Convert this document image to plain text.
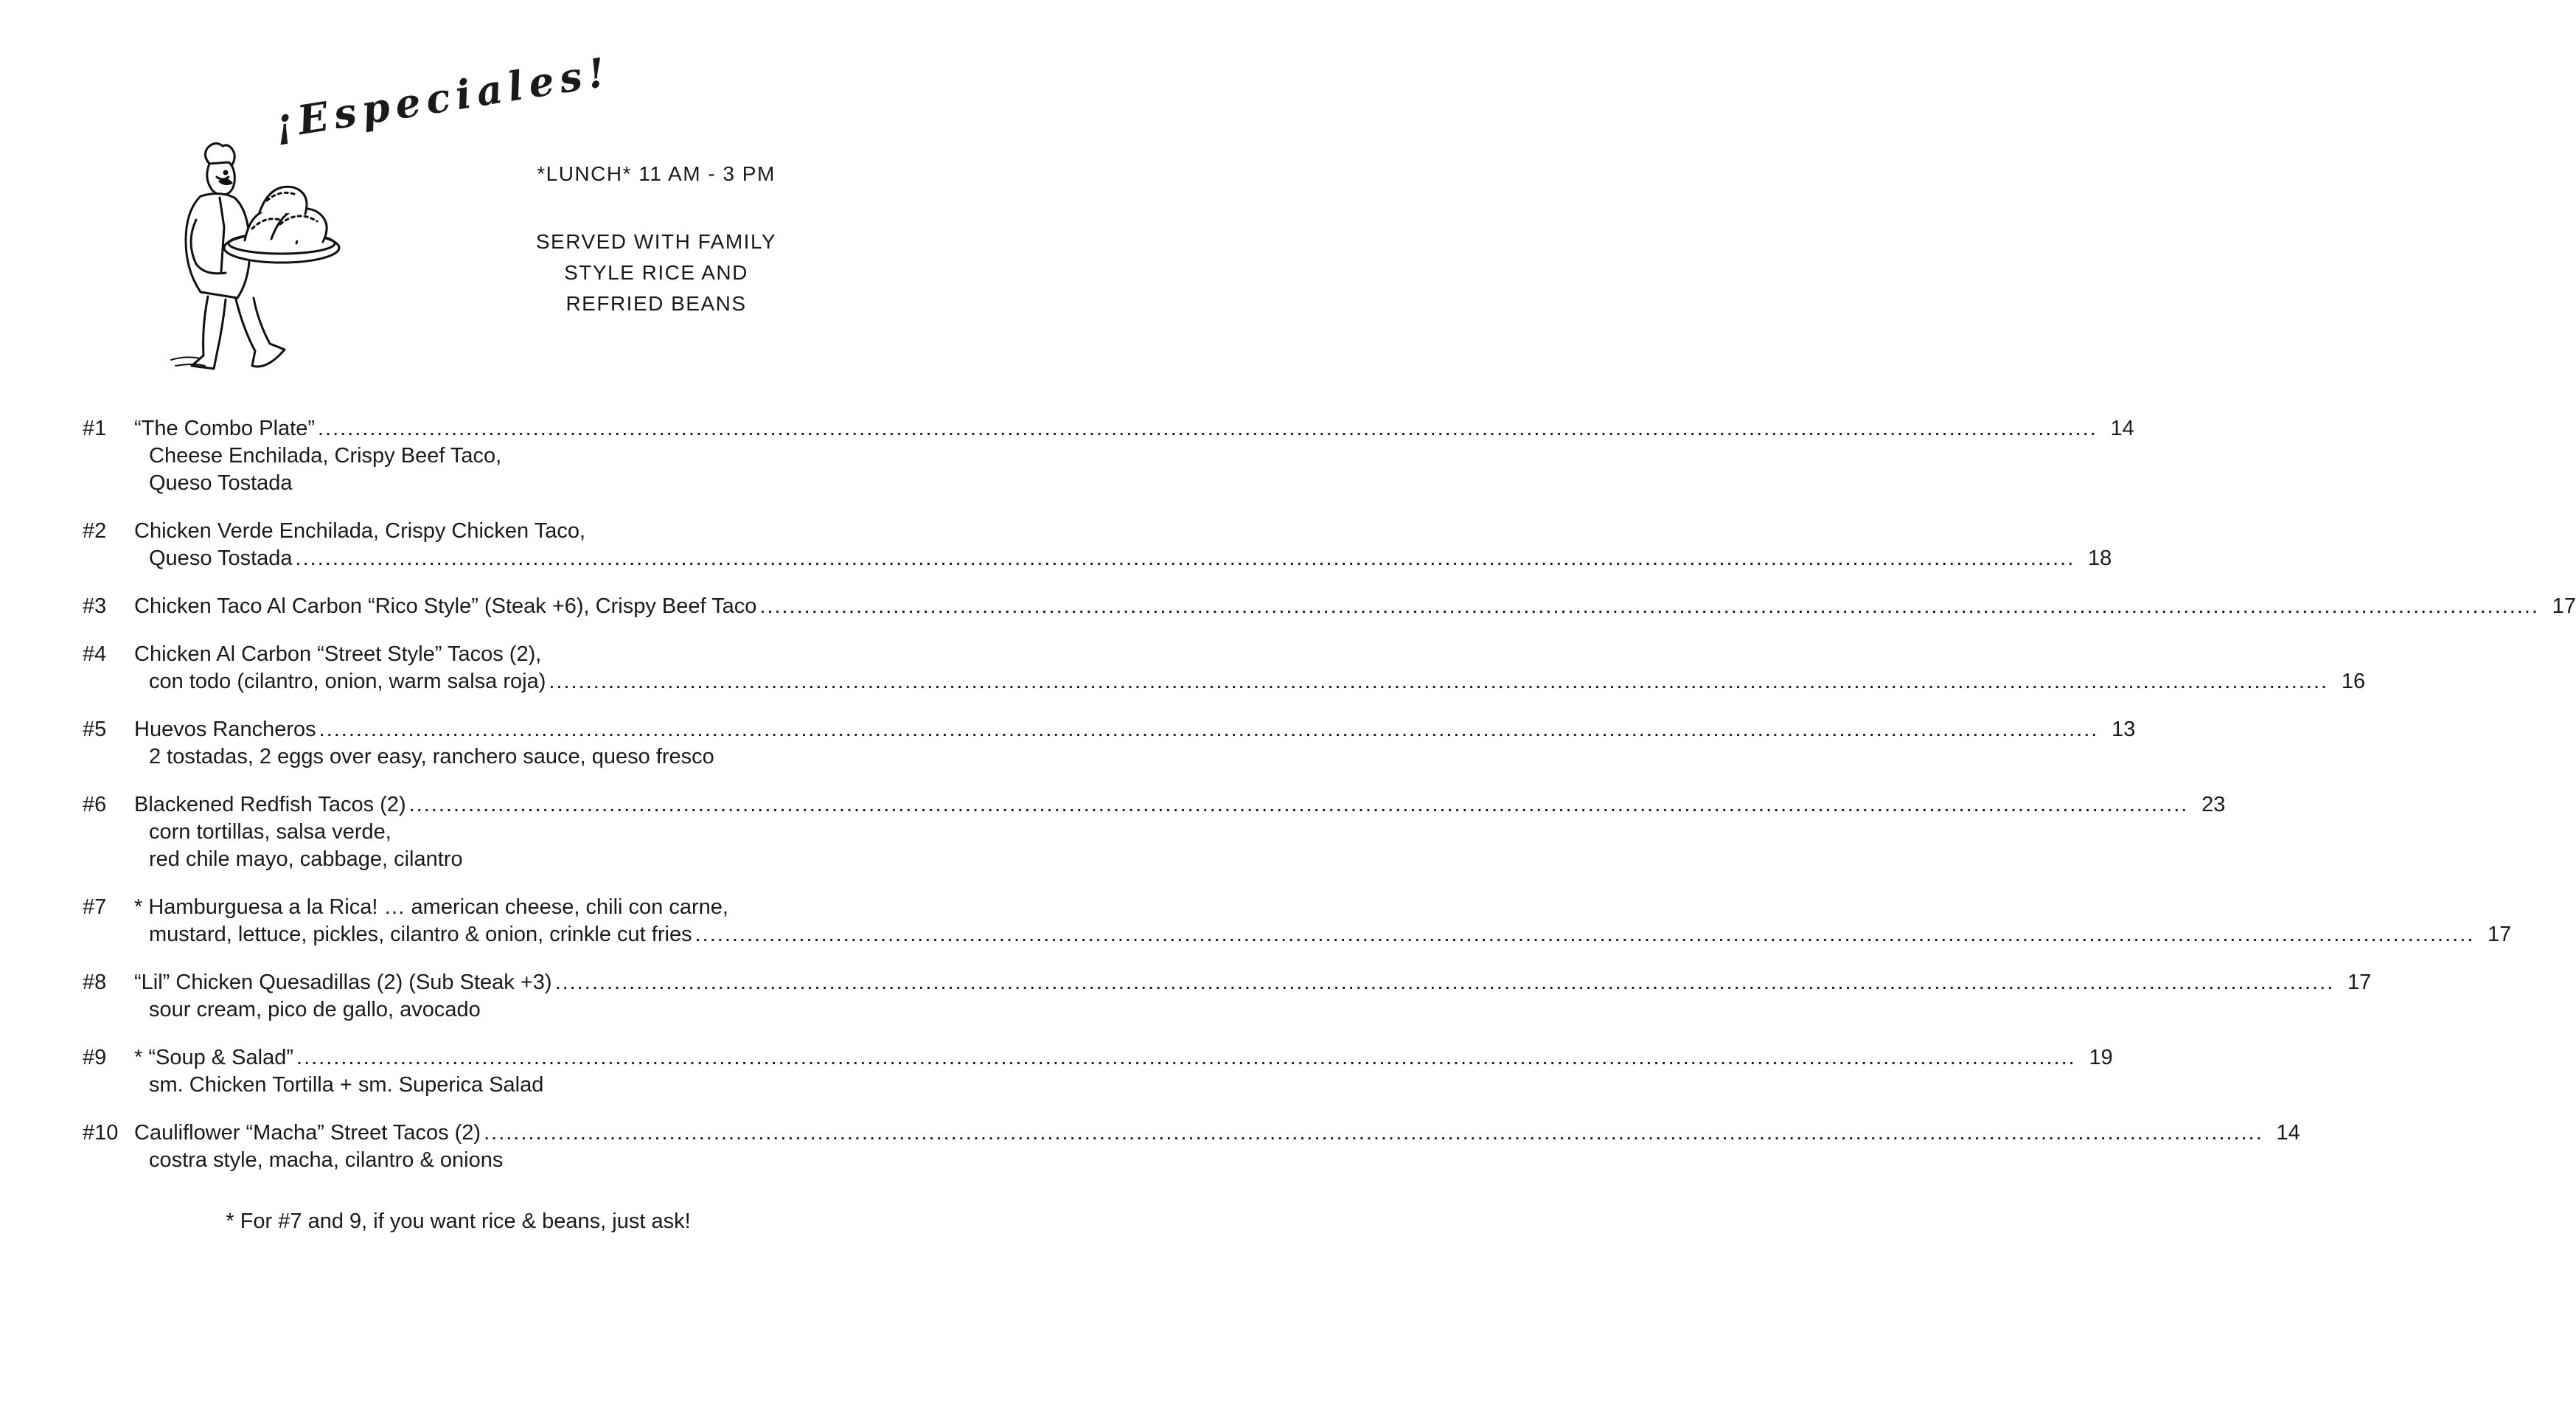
¡Especiales!
*LUNCH* 11 AM - 3 PM
SERVED WITH FAMILY
STYLE RICE AND
REFRIED BEANS
#1	“The Combo Plate” .....	14
Cheese Enchilada, Crispy Beef Taco,
Queso Tostada
#2	Chicken Verde Enchilada, Crispy Chicken Taco,
Queso Tostada .....	18
#3	Chicken Taco Al Carbon “Rico Style” (Steak +6), Crispy Beef Taco .....	17
#4	Chicken Al Carbon “Street Style” Tacos (2),
con todo (cilantro, onion, warm salsa roja) .....	16
#5	Huevos Rancheros .....	13
2 tostadas, 2 eggs over easy, ranchero sauce, queso fresco
#6	Blackened Redfish Tacos (2) .....	23
corn tortillas, salsa verde,
red chile mayo, cabbage, cilantro
#7	* Hamburguesa a la Rica! … american cheese, chili con carne,
mustard, lettuce, pickles, cilantro & onion, crinkle cut fries .....	17
#8	“Lil” Chicken Quesadillas (2) (Sub Steak +3) .....	17
sour cream, pico de gallo, avocado
#9	* “Soup & Salad” .....	19
sm. Chicken Tortilla + sm. Superica Salad
#10 Cauliflower “Macha” Street Tacos (2) .....	14
costra style, macha, cilantro & onions
* For #7 and 9, if you want rice & beans, just ask!
